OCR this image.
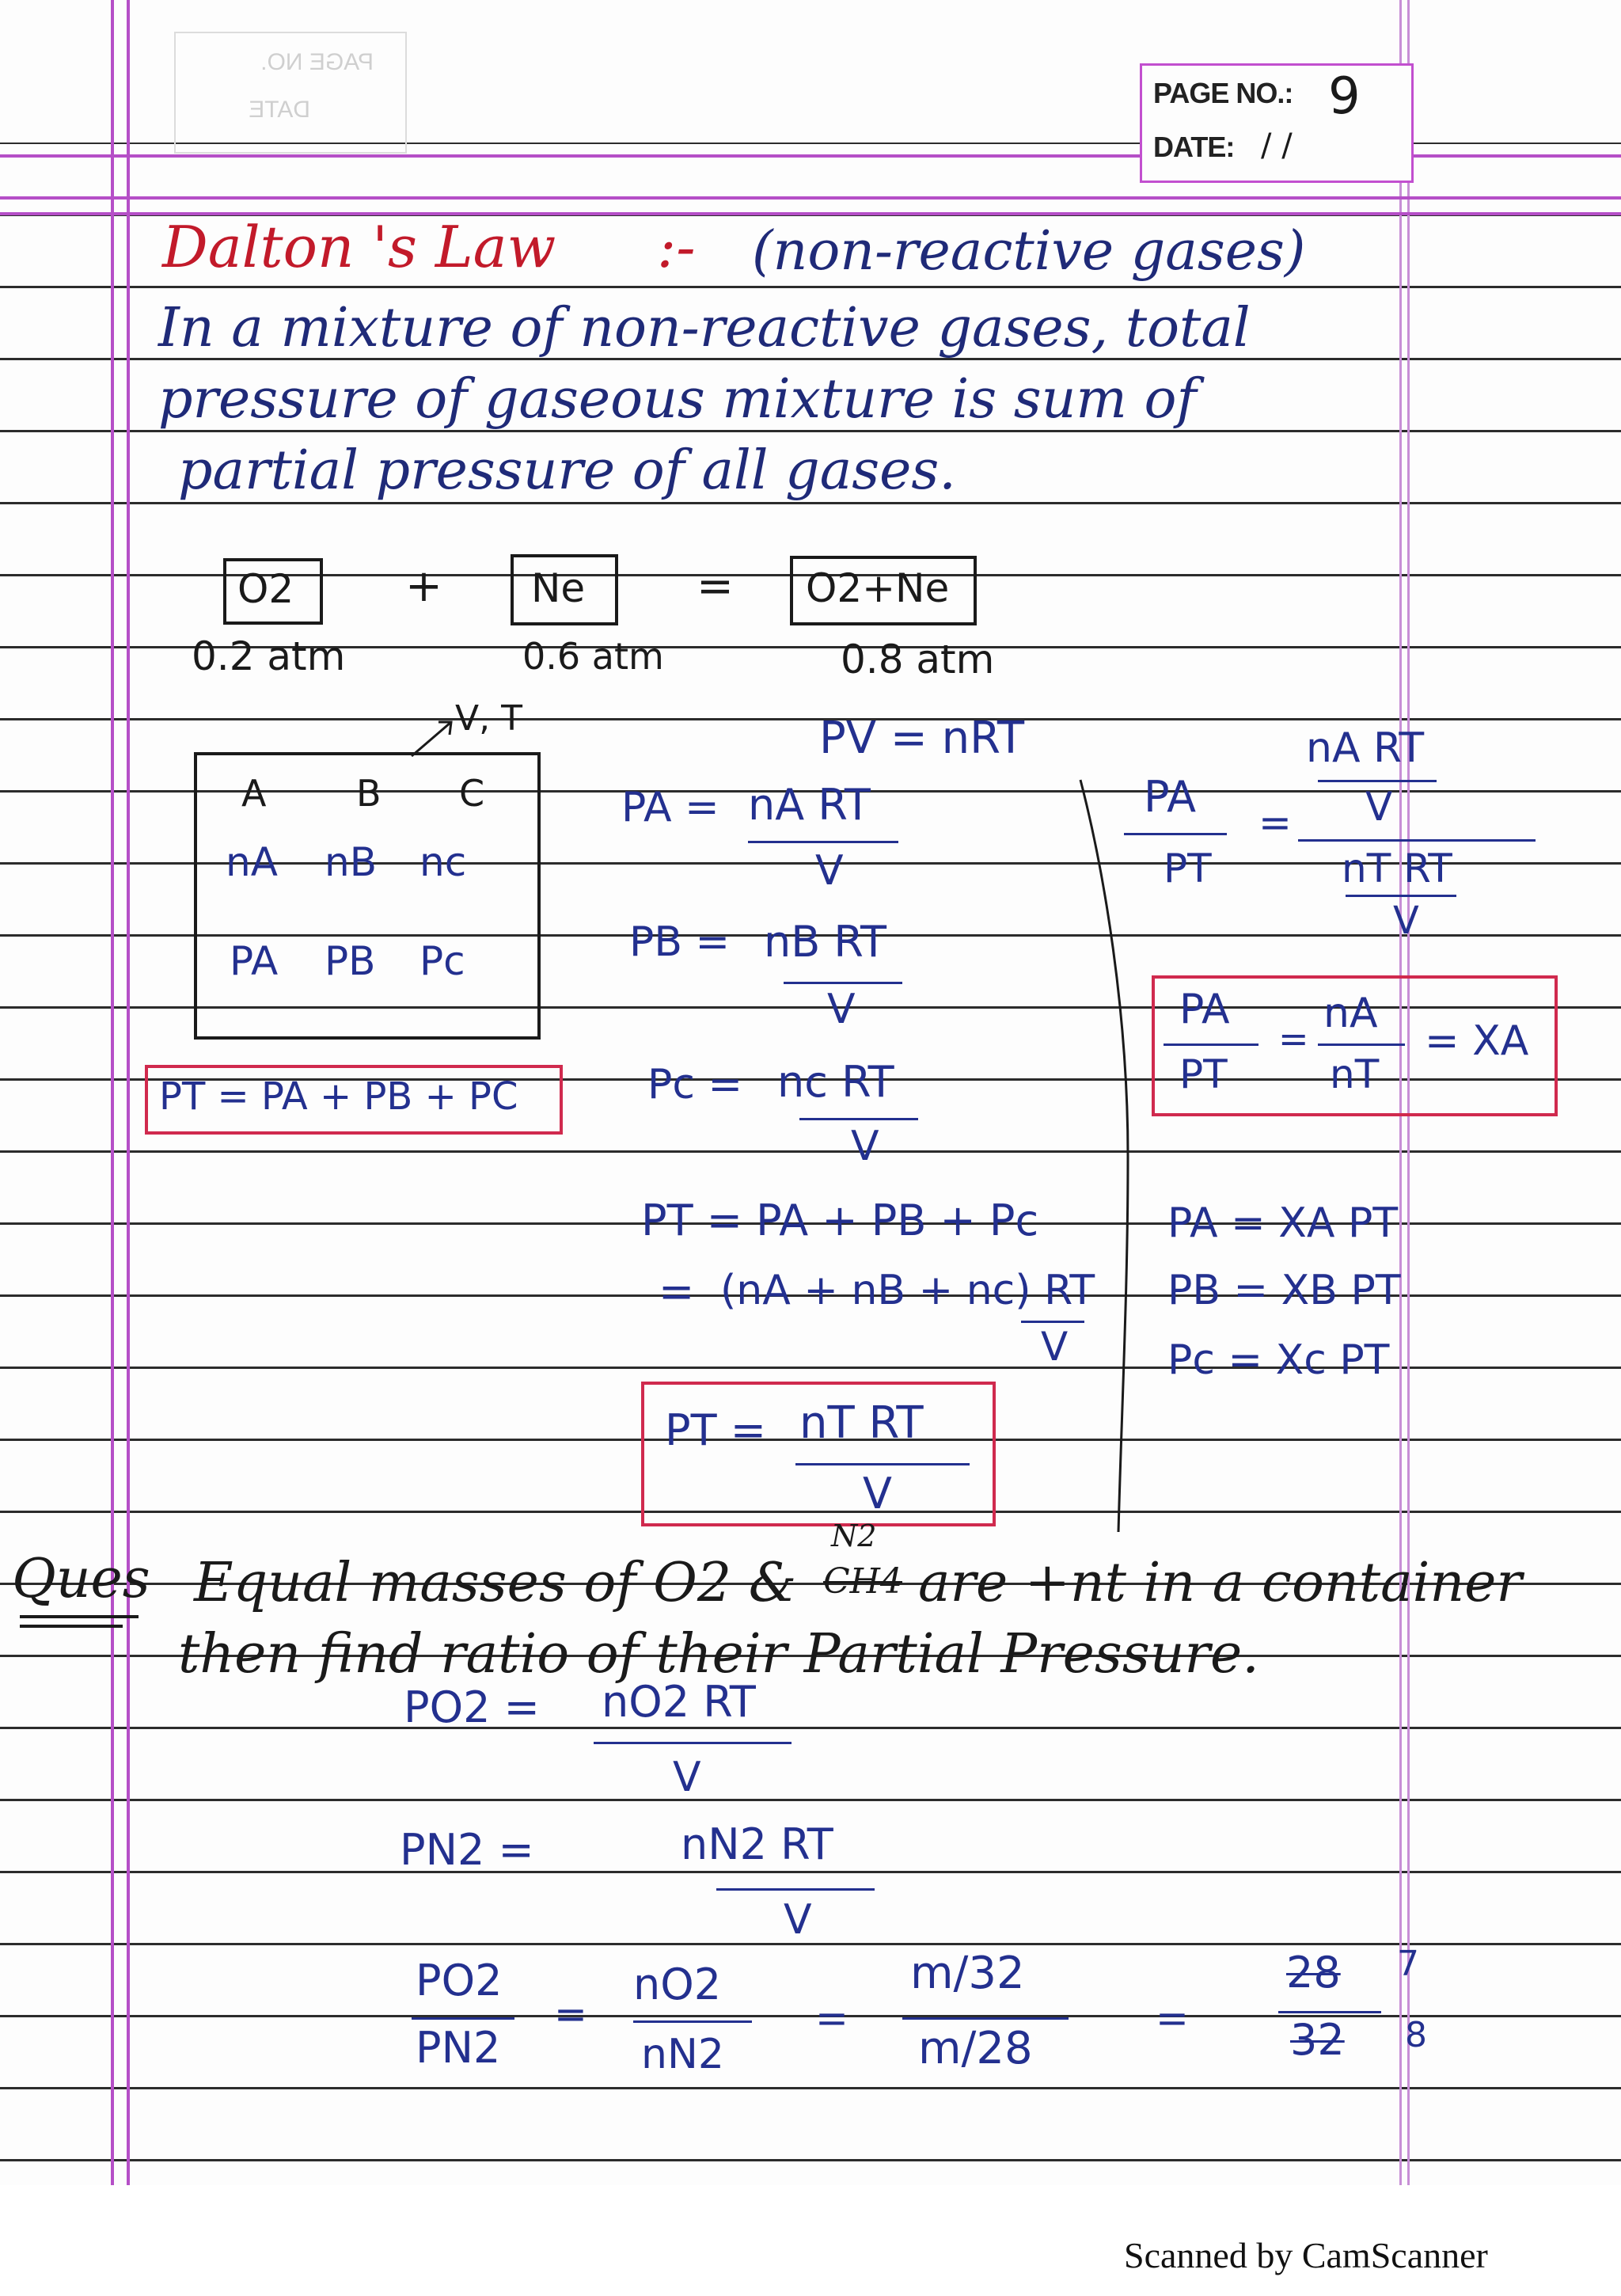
PAGE NO.
DATE
PAGE NO.: 9
DATE: / /
Dalton 's Law :- (non-reactive gases)
In a mixture of non-reactive gases, total
pressure of gaseous mixture is sum of
partial pressure of all gases.
O2	+ Ne	= O2+Ne
0.2 atm	0.6 atm	0.8 atm
V, T
A B C
nA nB nc
PA PB Pc
PT = PA + PB + PC
PV = nRT
PA = nA RT
V
PB = nB RT
V
Pc = nc RT
V
PT = PA + PB + Pc
= (nA + nB + nc) RT
V
PT = nT RT
V
PA
PT
=
nA RT
V
nT RT
V
PA
PT
=
nA
nT
= XA
PA = XA PT
PB = XB PT
Pc = Xc PT
Ques Equal masses of O2 & CH4
N2
are +nt in a container
then find ratio of their Partial Pressure.
PO2 = nO2 RT
V
PN2 =	nN2 RT
V
PO2
PN2
=
nO2
nN2
=
m/32
m/28
=
28 7
32 8
Scanned by CamScanner
